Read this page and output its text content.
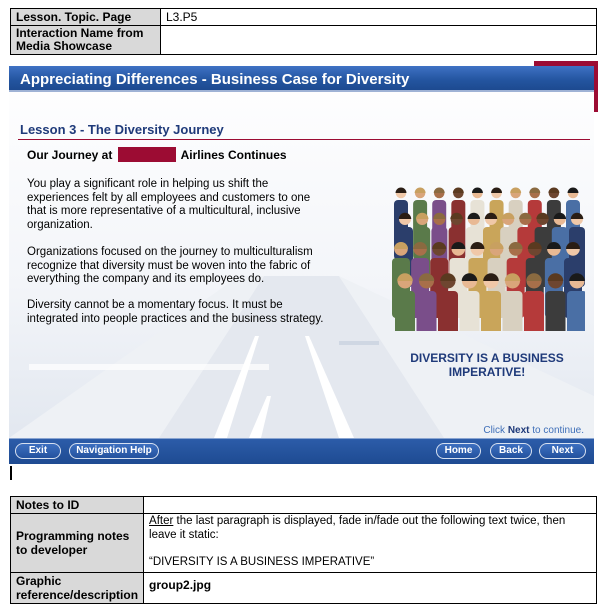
Lesson. Topic. Page	L3.P5
Interaction Name from Media Showcase	
Appreciating Differences - Business Case for Diversity
Lesson 3 - The Diversity Journey
Our Journey at	Airlines Continues
You play a significant role in helping us shift the experiences felt by all employees and customers to one that is more representative of a multicultural, inclusive organization.
Organizations focused on the journey to multiculturalism recognize that diversity must be woven into the fabric of everything the company and its employees do.
Diversity cannot be a momentary focus. It must be integrated into people practices and the business strategy.
DIVERSITY IS A BUSINESS IMPERATIVE!
Click Next to continue.
Exit	Navigation Help	Home	Back	Next
Notes to ID	
Programming notes to developer	After the last paragraph is displayed, fade in/fade out the following text twice, then leave it static:
“DIVERSITY IS A BUSINESS IMPERATIVE”

Graphic reference/description	group2.jpg
